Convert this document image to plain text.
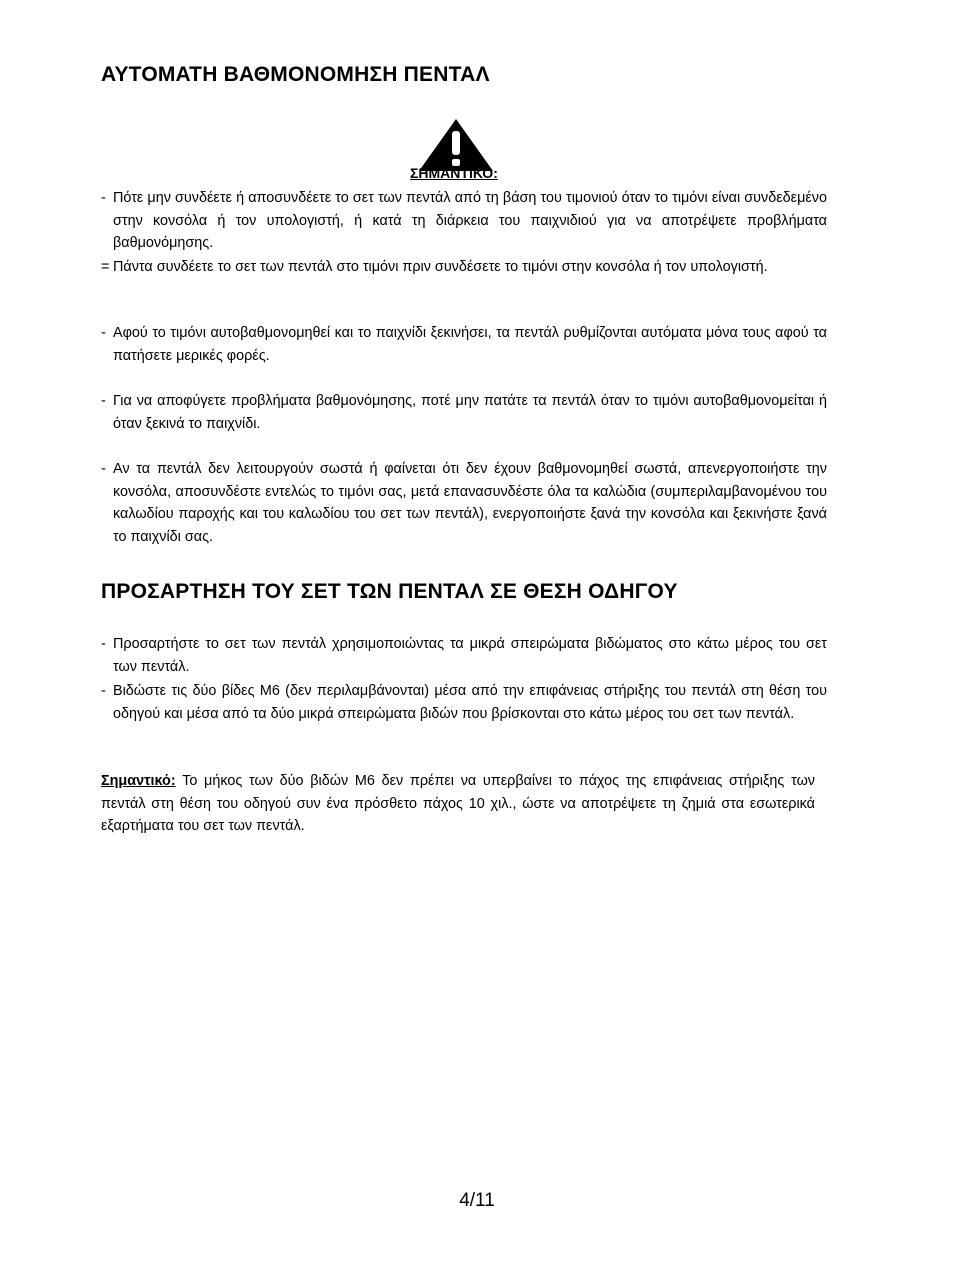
ΑΥΤΟΜΑΤΗ ΒΑΘΜΟΝΟΜΗΣΗ ΠΕΝΤΑΛ
ΣΗΜΑΝΤΙΚΟ:
- Πότε μην συνδέετε ή αποσυνδέετε το σετ των πεντάλ από τη βάση του τιμονιού όταν το τιμόνι είναι συνδεδεμένο στην κονσόλα ή τον υπολογιστή, ή κατά τη διάρκεια του παιχνιδιού για να αποτρέψετε προβλήματα βαθμονόμησης.
= Πάντα συνδέετε το σετ των πεντάλ στο τιμόνι πριν συνδέσετε το τιμόνι στην κονσόλα ή τον υπολογιστή.
- Αφού το τιμόνι αυτοβαθμονομηθεί και το παιχνίδι ξεκινήσει, τα πεντάλ ρυθμίζονται αυτόματα μόνα τους αφού τα πατήσετε μερικές φορές.
- Για να αποφύγετε προβλήματα βαθμονόμησης, ποτέ μην πατάτε τα πεντάλ όταν το τιμόνι αυτοβαθμονομείται ή όταν ξεκινά το παιχνίδι.
- Αν τα πεντάλ δεν λειτουργούν σωστά ή φαίνεται ότι δεν έχουν βαθμονομηθεί σωστά, απενεργοποιήστε την κονσόλα, αποσυνδέστε εντελώς το τιμόνι σας, μετά επανασυνδέστε όλα τα καλώδια (συμπεριλαμβανομένου του καλωδίου παροχής και του καλωδίου του σετ των πεντάλ), ενεργοποιήστε ξανά την κονσόλα και ξεκινήστε ξανά το παιχνίδι σας.
ΠΡΟΣΑΡΤΗΣΗ ΤΟΥ ΣΕΤ ΤΩΝ ΠΕΝΤΑΛ ΣΕ ΘΕΣΗ ΟΔΗΓΟΥ
- Προσαρτήστε το σετ των πεντάλ χρησιμοποιώντας τα μικρά σπειρώματα βιδώματος στο κάτω μέρος του σετ των πεντάλ.
- Βιδώστε τις δύο βίδες M6 (δεν περιλαμβάνονται) μέσα από την επιφάνειας στήριξης του πεντάλ στη θέση του οδηγού και μέσα από τα δύο μικρά σπειρώματα βιδών που βρίσκονται στο κάτω μέρος του σετ των πεντάλ.
Σημαντικό: Το μήκος των δύο βιδών M6 δεν πρέπει να υπερβαίνει το πάχος της επιφάνειας στήριξης των πεντάλ στη θέση του οδηγού συν ένα πρόσθετο πάχος 10 χιλ., ώστε να αποτρέψετε τη ζημιά στα εσωτερικά εξαρτήματα του σετ των πεντάλ.
4/11
